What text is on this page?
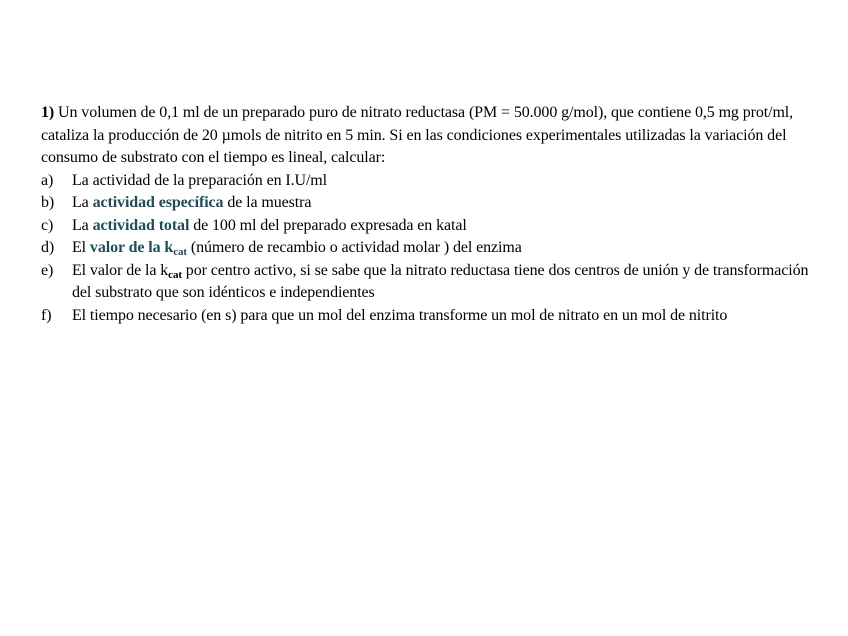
1) Un volumen de 0,1 ml de un preparado puro de nitrato reductasa (PM = 50.000 g/mol), que contiene 0,5 mg prot/ml, cataliza la producción de 20 µmols de nitrito en 5 min. Si en las condiciones experimentales utilizadas la variación del consumo de substrato con el tiempo es lineal, calcular:

a)	La actividad de la preparación en I.U/ml
b)	La actividad específica de la muestra
c)	La actividad total de 100 ml del preparado expresada en katal
d)	El valor de la $k_{cat}$ (número de recambio o actividad molar ) del enzima
e)	El valor de la $k_{cat}$ por centro activo, si se sabe que la nitrato reductasa tiene dos centros de unión y de transformación del substrato que son idénticos e independientes
f)	El tiempo necesario (en s) para que un mol del enzima transforme un mol de nitrato en un mol de nitrito
